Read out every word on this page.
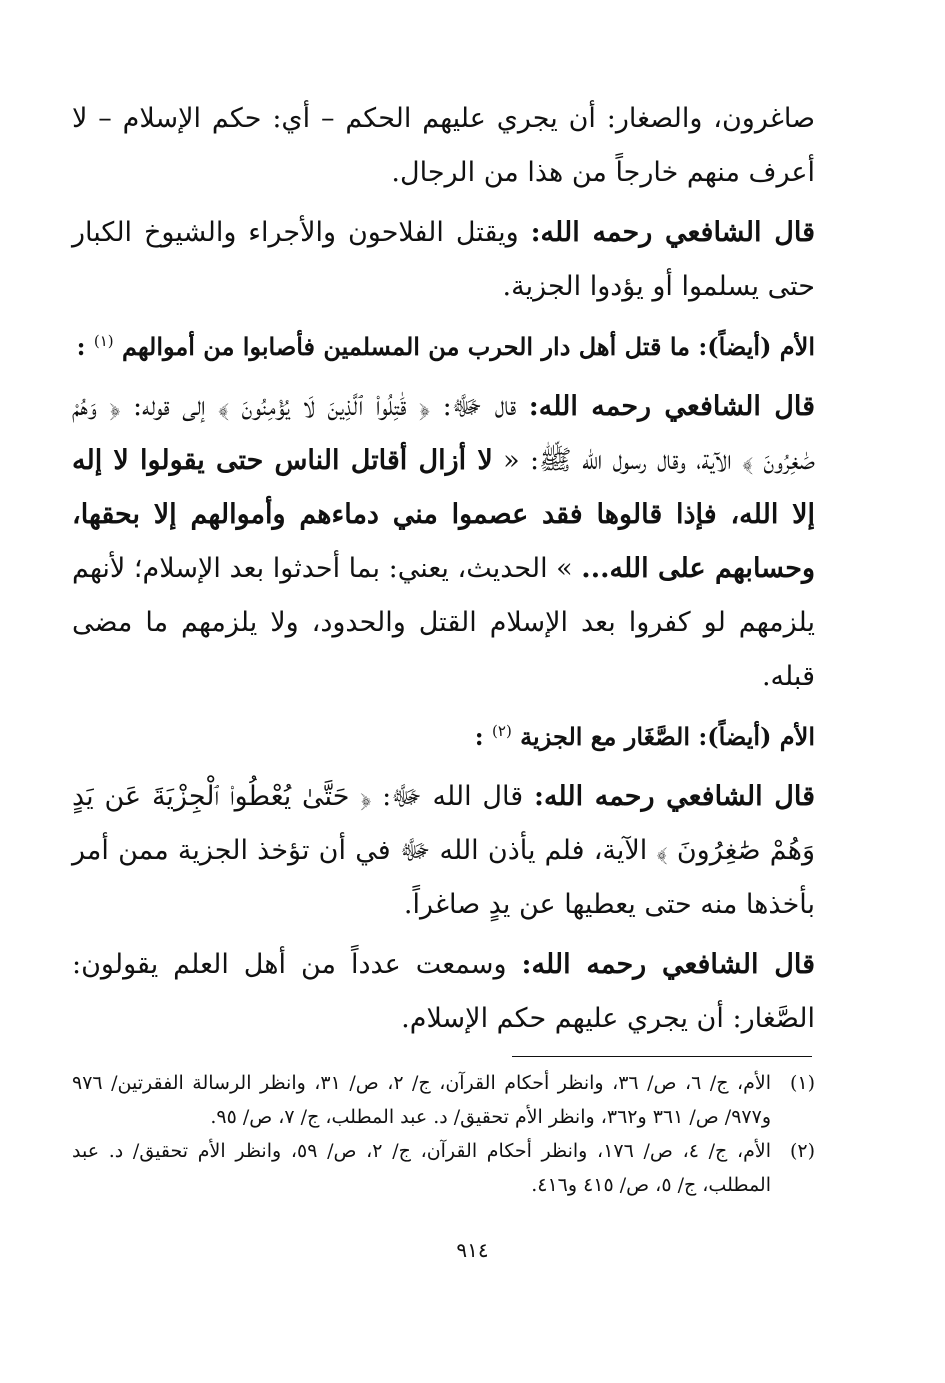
صاغرون، والصغار: أن يجري عليهم الحكم – أي: حكم الإسلام – لا أعرف منهم خارجاً من هذا من الرجال.

قال الشافعي رحمه الله: ويقتل الفلاحون والأجراء والشيوخ الكبار حتى يسلموا أو يؤدوا الجزية.

الأم (أيضاً): ما قتل أهل دار الحرب من المسلمين فأصابوا من أموالهم $^{(١)}$ :

قال الشافعي رحمه الله: قال ﷻ: ﴿ قَٰتِلُوا۟ ٱلَّذِينَ لَا يُؤْمِنُونَ ﴾ إلى قوله: ﴿ وَهُمْ صَٰغِرُونَ ﴾ الآية، وقال رسول الله ﷺ: « لا أزال أقاتل الناس حتى يقولوا لا إله إلا الله، فإذا قالوها فقد عصموا مني دماءهم وأموالهم إلا بحقها، وحسابهم على الله... » الحديث، يعني: بما أحدثوا بعد الإسلام؛ لأنهم يلزمهم لو كفروا بعد الإسلام القتل والحدود، ولا يلزمهم ما مضى قبله.

الأم (أيضاً): الصَّغَار مع الجزية $^{(٢)}$ :

قال الشافعي رحمه الله: قال الله ﷻ: ﴿ حَتَّىٰ يُعْطُوا۟ ٱلْجِزْيَةَ عَن يَدٍ وَهُمْ صَٰغِرُونَ ﴾ الآية، فلم يأذن الله ﷻ في أن تؤخذ الجزية ممن أمر بأخذها منه حتى يعطيها عن يدٍ صاغراً.

قال الشافعي رحمه الله: وسمعت عدداً من أهل العلم يقولون: الصَّغار: أن يجري عليهم حكم الإسلام.

(١)
الأم، ج/ ٦، ص/ ٣٦، وانظر أحكام القرآن، ج/ ٢، ص/ ٣١، وانظر الرسالة الفقرتين/ ٩٧٦ و٩٧٧/ ص/ ٣٦١ و٣٦٢، وانظر الأم تحقيق/ د. عبد المطلب، ج/ ٧، ص/ ٩٥.
(٢)
الأم، ج/ ٤، ص/ ١٧٦، وانظر أحكام القرآن، ج/ ٢، ص/ ٥٩، وانظر الأم تحقيق/ د. عبد المطلب، ج/ ٥، ص/ ٤١٥ و٤١٦.
٩١٤
